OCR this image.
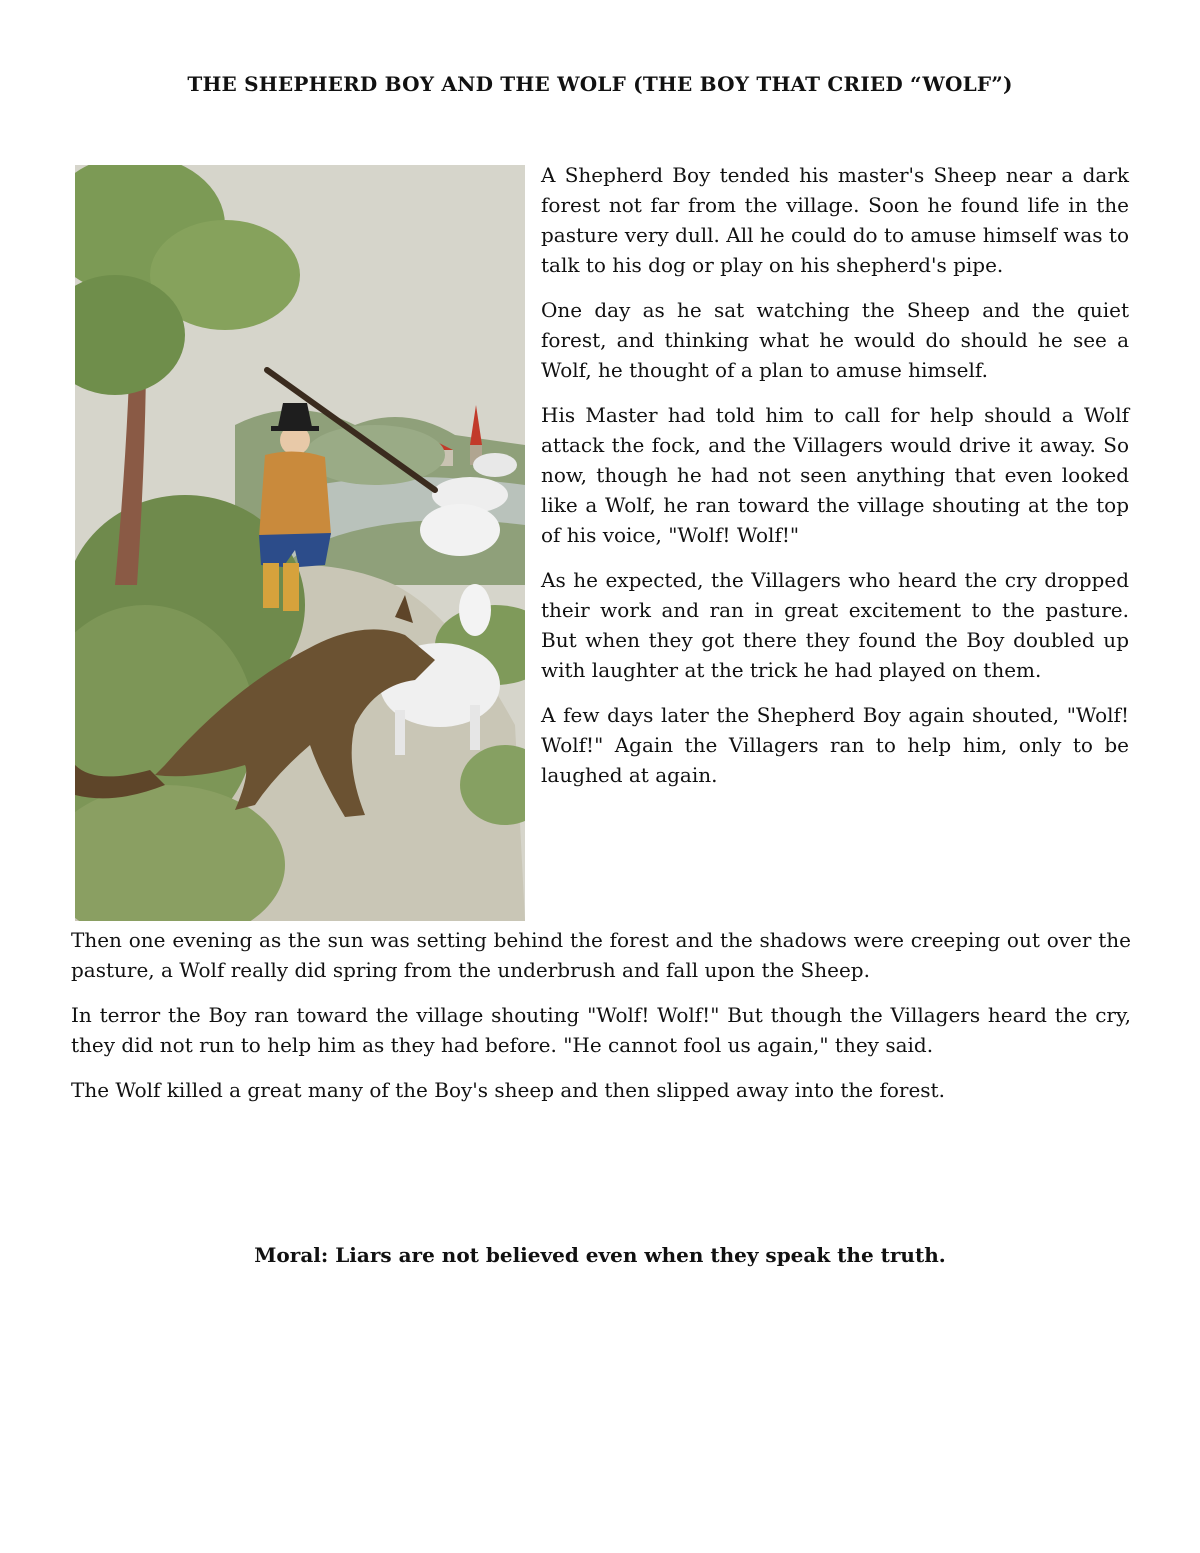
THE SHEPHERD BOY AND THE WOLF (THE BOY THAT CRIED “WOLF”)

A Shepherd Boy tended his master's Sheep near a dark forest not far from the village. Soon he found life in the pasture very dull. All he could do to amuse himself was to talk to his dog or play on his shepherd's pipe.

One day as he sat watching the Sheep and the quiet forest, and thinking what he would do should he see a Wolf, he thought of a plan to amuse himself.

His Master had told him to call for help should a Wolf attack the fock, and the Villagers would drive it away. So now, though he had not seen anything that even looked like a Wolf, he ran toward the village shouting at the top of his voice, "Wolf! Wolf!"

As he expected, the Villagers who heard the cry dropped their work and ran in great excitement to the pasture. But when they got there they found the Boy doubled up with laughter at the trick he had played on them.

A few days later the Shepherd Boy again shouted, "Wolf! Wolf!" Again the Villagers ran to help him, only to be laughed at again.

Then one evening as the sun was setting behind the forest and the shadows were creeping out over the pasture, a Wolf really did spring from the underbrush and fall upon the Sheep.

In terror the Boy ran toward the village shouting "Wolf! Wolf!" But though the Villagers heard the cry, they did not run to help him as they had before. "He cannot fool us again," they said.

The Wolf killed a great many of the Boy's sheep and then slipped away into the forest.

Moral: Liars are not believed even when they speak the truth.
